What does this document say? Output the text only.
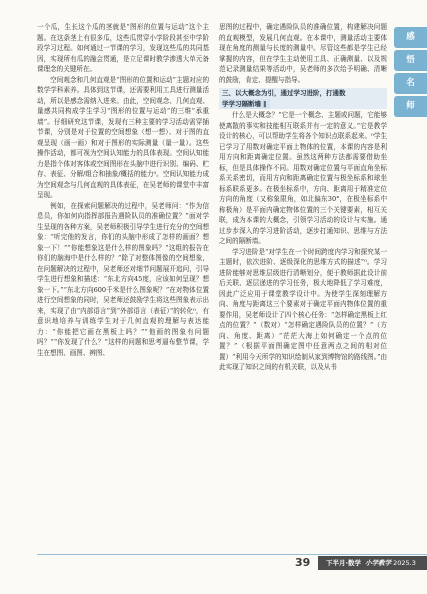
一个瓜，生长这个瓜的茎就是“图形的位置与运动”这个主题。在这条茎上有很多瓜，这些瓜贯穿小学阶段甚至中学阶段学习过程。如何通过一节课的学习，发现这些瓜的共同基因，实现所有瓜的融会贯通，是立足课时教学渗透大单元备课理念的关键所在。

空间观念和几何直观是“图形的位置和运动”主题对应的数学学科素养。具体到这节课，还需要利用工具进行测量活动，所以是感念需纳入进来。由此，空间观念、几何直观、量感共同构成学生学习“图形的位置与运动”的三维“承重墙”。仔细研究这节课，发现有三种主要的学习活动需穿插节课，分别是对于位置的空间想象（想一想）、对于图的直观呈现（画一画）和对于图形的实际测量（量一量）。这些操作活动，都可视为空间认知能力的具体表现。空间认知能力是指个体对客体或空间图形在头脑中进行识别、编码、贮存、表征、分解/组合和抽象/概括的能力⁰。空间认知能力成为空间观念与几何直观的具体表征，在吴老师的课堂中丰富呈现。

例如，在探索问题解决的过程中，吴老师问：“作为信息员，你如何向指挥部报告遇险队员的准确位置？”面对学生呈现的各种方案，吴老师积极引导学生进行充分的空间想象：“听完他的发言，你们的头脑中形成了怎样的画面？想象一下！”“你能想象这是什么样的图象吗？”这组的报告在你们的脑海中是什么样的？”除了对整体图像的空间想象，在问题解决的过程中，吴老师还对细节问题展开追问，引导学生进行想象和描述：“东北方向45度，应该如何呈现？想象一下。”“东北方向600千米是什么图象呢？”在对物体位置进行空间想象的同时，吴老师还鼓励学生将这些图象表示出来，实现了由“内部语言”到“外部语言（表征）”的转化⁰，有意识地培养与训练学生对于几何直观的理解与表达能力：“你能把它画在黑板上吗？”“他画的图象有问题吗？”“你发现了什么？”这样的问题和思考逼布整节课，学生在想图、画图、辨图、

思图的过程中，确定遇险队员的准确位置，构建解决问题的直观模型，发展几何直观。在本课中，测量活动主要体现在角度的测量与长度的测量中。尽管这些都是学生已经掌握的内容，但在学生主动使用工具、正确测量、以及规范记录测量结果等活动中，吴老师的多次给予明确、清晰的鼓励，肯定、提醒与指导。

三、以大概念为引，通过学习进阶，打通数
学学习隔断墙 ‖

什么是大概念？“它是一个概念、主题或问题，它能够使离散的事实和技能相互联系并有一定的意义。”它是教学设计的核心，可以帮助学生将各个知识点联系起来。⁰学生已学习了用数对确定平面上物体的位置，本课的内容是利用方向和距离确定位置。虽然这两种方法都需要借助坐标，但是具体操作不同。用数对确定位置与平面直角坐标系关系密切，而用方向和距离确定位置与极坐标系和球坐标系联系更多。在极坐标系中，方向、距离用于精准定位方向的角度（又称象限角，如北偏东30°，在极坐标系中称极角）是平面内确定物体位置的三个关键要素，相互关联，成为本课的大概念，引领学习活动的设计与实施。通过步步深入的学习进阶活动，逐步打通知识、思维与方法之间的隔断墙。

学习进阶是“对学生在一个时间跨度内学习和探究某一主题时，依次进阶、逐级深化的思维方式的描述”⁰。学习进阶能够对思维层级进行清晰划分，便于教师据此设计前后关联、逐层递进的学习任务，极大地降低了学习难度，因此广泛应用于课堂教学设计中。为使学生深刻理解方向、角度与距离这三个要素对于确定平面内物体位置的重要作用，吴老师设计了四个核心任务：“怎样确定黑板上红点的位置？”（数对）“怎样确定遇险队员的位置？”（方向、角度、距离）“茫茫大海上如何确定一个点的位置？”（根据平面图确定图中任意两点之间的相对位置）“利用今天所学的知识绘制从家到博物馆的路线图。”由此实现了知识之间的有机关联，以及从书

感
悟
名
师
39	下半月·数学 小学教学 2025.3
